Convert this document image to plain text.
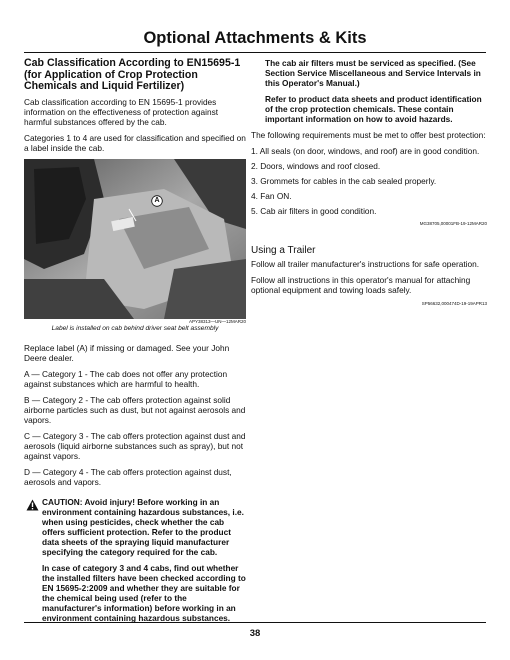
Optional Attachments & Kits
Cab Classification According to EN15695-1 (for Application of Crop Protection Chemicals and Liquid Fertilizer)

Cab classification according to EN 15695-1 provides information on the effectiveness of protection against harmful substances offered by the cab.

Categories 1 to 4 are used for classification and specified on a label inside the cab.

A
APY38313—UN—12MAR20
Label is installed on cab behind driver seat belt assembly

Replace label (A) if missing or damaged. See your John Deere dealer.

A — Category 1 - The cab does not offer any protection against substances which are harmful to health.

B — Category 2 - The cab offers protection against solid airborne particles such as dust, but not against aerosols and vapors.

C — Category 3 - The cab offers protection against dust and aerosols (liquid airborne substances such as spray), but not against vapors.

D — Category 4 - The cab offers protection against dust, aerosols and vapors.

CAUTION: Avoid injury! Before working in an environment containing hazardous substances, i.e. when using pesticides, check whether the cab offers sufficient protection. Refer to the product data sheets of the spraying liquid manufacturer specifying the category required for the cab.

In case of category 3 and 4 cabs, find out whether the installed filters have been checked according to EN 15695-2:2009 and whether they are suitable for the chemical being used (refer to the manufacturer's information) before working in an environment containing hazardous substances.

The cab air filters must be serviced as specified. (See Section Service Miscellaneous and Service Intervals in this Operator's Manual.)

Refer to product data sheets and product identification of the crop protection chemicals. These contain important information on how to avoid hazards.

The following requirements must be met to offer best protection:

1. All seals (on door, windows, and roof) are in good condition.
2. Doors, windows and roof closed.
3. Grommets for cables in the cab sealed properly.
4. Fan ON.
5. Cab air filters in good condition.
MG38705,00001FB-19-12MAR20
Using a Trailer

Follow all trailer manufacturer's instructions for safe operation.

Follow all instructions in this operator's manual for attaching optional equipment and towing loads safely.

SP56632,000474D-19-19APR13
38
